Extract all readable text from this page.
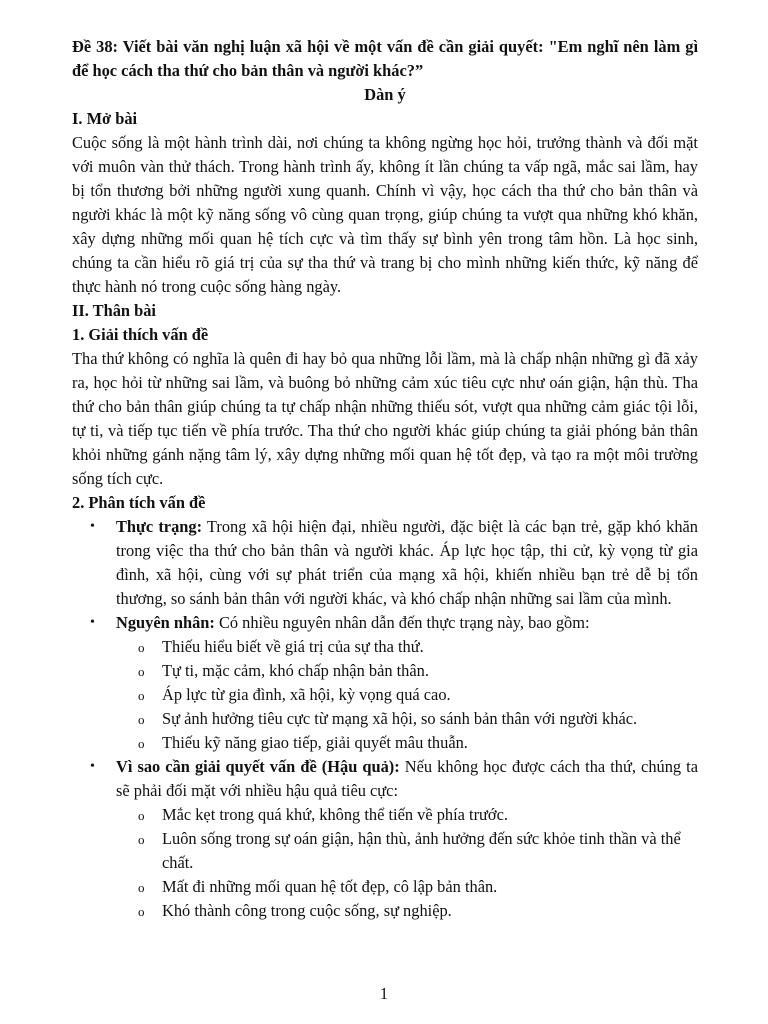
Đề 38: Viết bài văn nghị luận xã hội về một vấn đề cần giải quyết: "Em nghĩ nên làm gì để học cách tha thứ cho bản thân và người khác?”

Dàn ý

I. Mở bài

Cuộc sống là một hành trình dài, nơi chúng ta không ngừng học hỏi, trưởng thành và đối mặt với muôn vàn thử thách. Trong hành trình ấy, không ít lần chúng ta vấp ngã, mắc sai lầm, hay bị tổn thương bởi những người xung quanh. Chính vì vậy, học cách tha thứ cho bản thân và người khác là một kỹ năng sống vô cùng quan trọng, giúp chúng ta vượt qua những khó khăn, xây dựng những mối quan hệ tích cực và tìm thấy sự bình yên trong tâm hồn. Là học sinh, chúng ta cần hiểu rõ giá trị của sự tha thứ và trang bị cho mình những kiến thức, kỹ năng để thực hành nó trong cuộc sống hàng ngày.

II. Thân bài
1. Giải thích vấn đề

Tha thứ không có nghĩa là quên đi hay bỏ qua những lỗi lầm, mà là chấp nhận những gì đã xảy ra, học hỏi từ những sai lầm, và buông bỏ những cảm xúc tiêu cực như oán giận, hận thù. Tha thứ cho bản thân giúp chúng ta tự chấp nhận những thiếu sót, vượt qua những cảm giác tội lỗi, tự ti, và tiếp tục tiến về phía trước. Tha thứ cho người khác giúp chúng ta giải phóng bản thân khỏi những gánh nặng tâm lý, xây dựng những mối quan hệ tốt đẹp, và tạo ra một môi trường sống tích cực.

2. Phân tích vấn đề
• Thực trạng: Trong xã hội hiện đại, nhiều người, đặc biệt là các bạn trẻ, gặp khó khăn trong việc tha thứ cho bản thân và người khác. Áp lực học tập, thi cử, kỳ vọng từ gia đình, xã hội, cùng với sự phát triển của mạng xã hội, khiến nhiều bạn trẻ dễ bị tổn thương, so sánh bản thân với người khác, và khó chấp nhận những sai lầm của mình.
• Nguyên nhân: Có nhiều nguyên nhân dẫn đến thực trạng này, bao gồm:
o Thiếu hiểu biết về giá trị của sự tha thứ.
o Tự ti, mặc cảm, khó chấp nhận bản thân.
o Áp lực từ gia đình, xã hội, kỳ vọng quá cao.
o Sự ảnh hưởng tiêu cực từ mạng xã hội, so sánh bản thân với người khác.
o Thiếu kỹ năng giao tiếp, giải quyết mâu thuẫn.
• Vì sao cần giải quyết vấn đề (Hậu quả): Nếu không học được cách tha thứ, chúng ta sẽ phải đối mặt với nhiều hậu quả tiêu cực:
o Mắc kẹt trong quá khứ, không thể tiến về phía trước.
o Luôn sống trong sự oán giận, hận thù, ảnh hưởng đến sức khỏe tinh thần và thể chất.
o Mất đi những mối quan hệ tốt đẹp, cô lập bản thân.
o Khó thành công trong cuộc sống, sự nghiệp.
1
